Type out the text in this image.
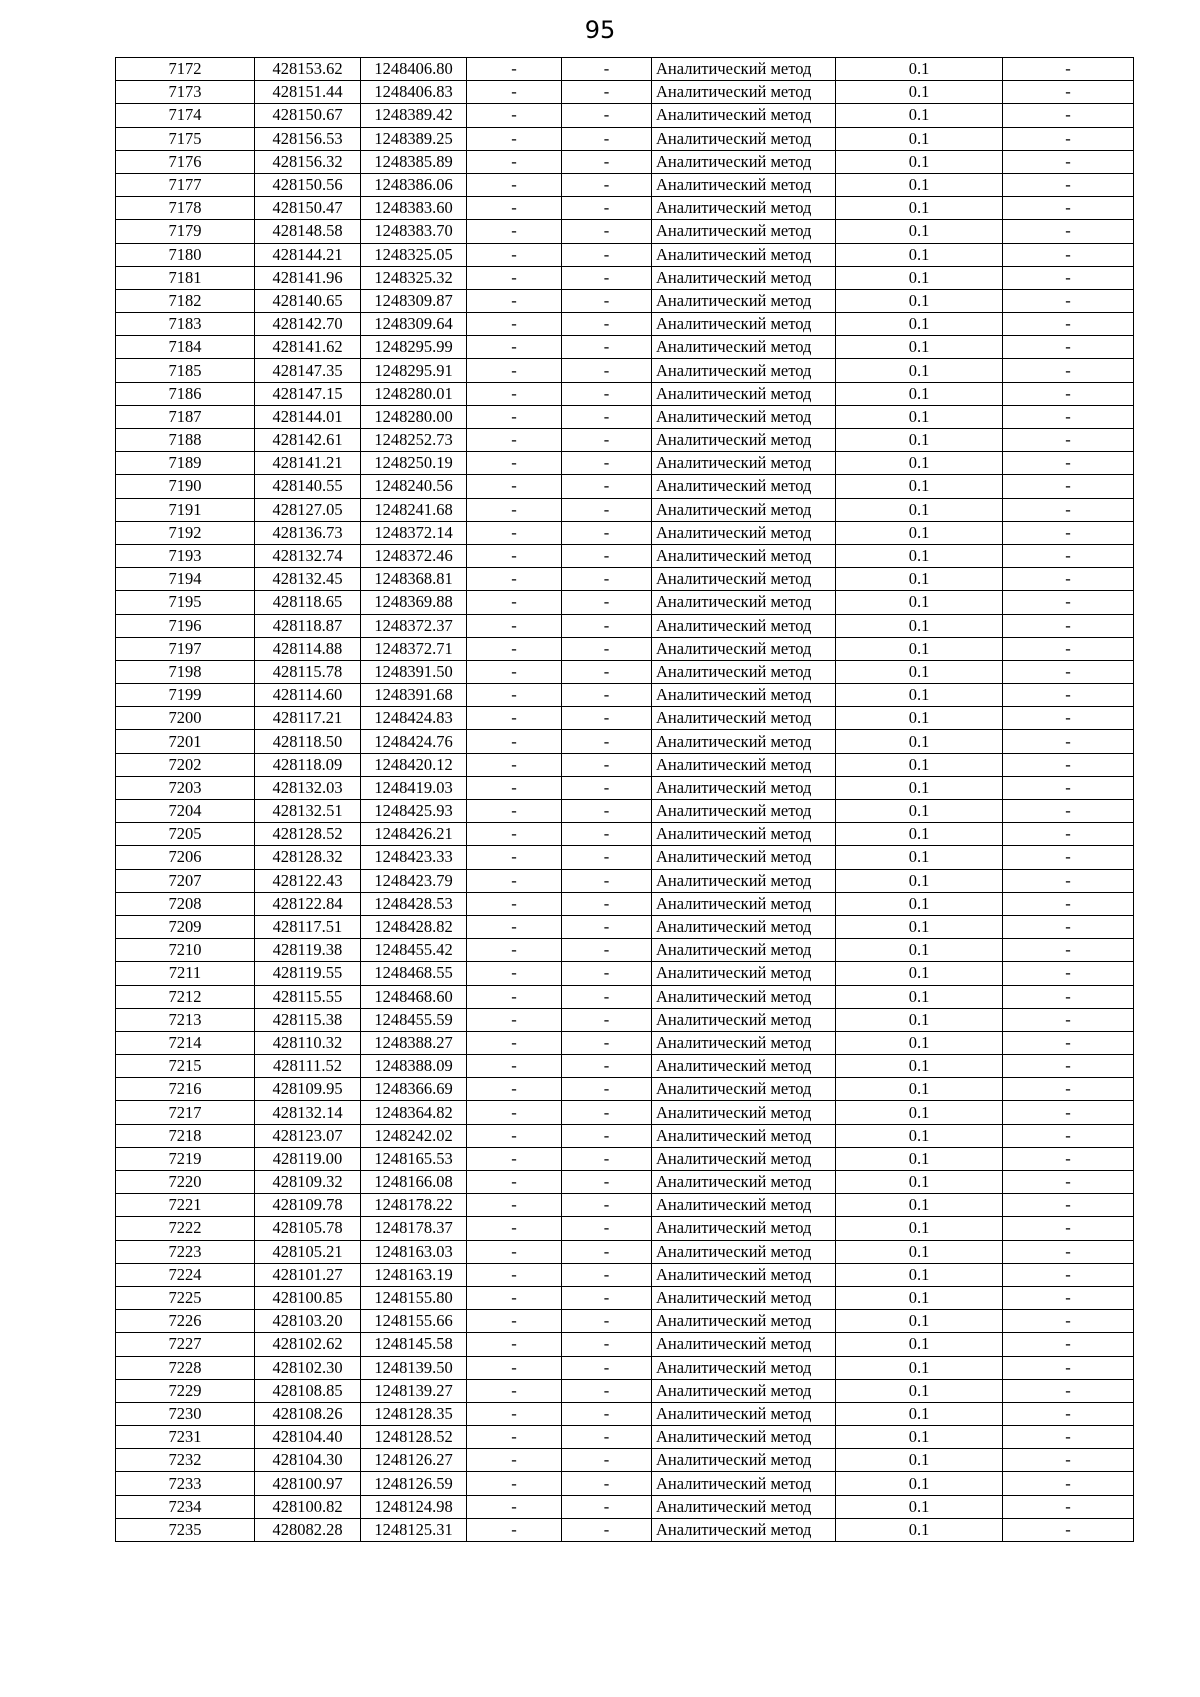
95
7172	428153.62	1248406.80	-	-	Аналитический метод	0.1	-
7173	428151.44	1248406.83	-	-	Аналитический метод	0.1	-
7174	428150.67	1248389.42	-	-	Аналитический метод	0.1	-
7175	428156.53	1248389.25	-	-	Аналитический метод	0.1	-
7176	428156.32	1248385.89	-	-	Аналитический метод	0.1	-
7177	428150.56	1248386.06	-	-	Аналитический метод	0.1	-
7178	428150.47	1248383.60	-	-	Аналитический метод	0.1	-
7179	428148.58	1248383.70	-	-	Аналитический метод	0.1	-
7180	428144.21	1248325.05	-	-	Аналитический метод	0.1	-
7181	428141.96	1248325.32	-	-	Аналитический метод	0.1	-
7182	428140.65	1248309.87	-	-	Аналитический метод	0.1	-
7183	428142.70	1248309.64	-	-	Аналитический метод	0.1	-
7184	428141.62	1248295.99	-	-	Аналитический метод	0.1	-
7185	428147.35	1248295.91	-	-	Аналитический метод	0.1	-
7186	428147.15	1248280.01	-	-	Аналитический метод	0.1	-
7187	428144.01	1248280.00	-	-	Аналитический метод	0.1	-
7188	428142.61	1248252.73	-	-	Аналитический метод	0.1	-
7189	428141.21	1248250.19	-	-	Аналитический метод	0.1	-
7190	428140.55	1248240.56	-	-	Аналитический метод	0.1	-
7191	428127.05	1248241.68	-	-	Аналитический метод	0.1	-
7192	428136.73	1248372.14	-	-	Аналитический метод	0.1	-
7193	428132.74	1248372.46	-	-	Аналитический метод	0.1	-
7194	428132.45	1248368.81	-	-	Аналитический метод	0.1	-
7195	428118.65	1248369.88	-	-	Аналитический метод	0.1	-
7196	428118.87	1248372.37	-	-	Аналитический метод	0.1	-
7197	428114.88	1248372.71	-	-	Аналитический метод	0.1	-
7198	428115.78	1248391.50	-	-	Аналитический метод	0.1	-
7199	428114.60	1248391.68	-	-	Аналитический метод	0.1	-
7200	428117.21	1248424.83	-	-	Аналитический метод	0.1	-
7201	428118.50	1248424.76	-	-	Аналитический метод	0.1	-
7202	428118.09	1248420.12	-	-	Аналитический метод	0.1	-
7203	428132.03	1248419.03	-	-	Аналитический метод	0.1	-
7204	428132.51	1248425.93	-	-	Аналитический метод	0.1	-
7205	428128.52	1248426.21	-	-	Аналитический метод	0.1	-
7206	428128.32	1248423.33	-	-	Аналитический метод	0.1	-
7207	428122.43	1248423.79	-	-	Аналитический метод	0.1	-
7208	428122.84	1248428.53	-	-	Аналитический метод	0.1	-
7209	428117.51	1248428.82	-	-	Аналитический метод	0.1	-
7210	428119.38	1248455.42	-	-	Аналитический метод	0.1	-
7211	428119.55	1248468.55	-	-	Аналитический метод	0.1	-
7212	428115.55	1248468.60	-	-	Аналитический метод	0.1	-
7213	428115.38	1248455.59	-	-	Аналитический метод	0.1	-
7214	428110.32	1248388.27	-	-	Аналитический метод	0.1	-
7215	428111.52	1248388.09	-	-	Аналитический метод	0.1	-
7216	428109.95	1248366.69	-	-	Аналитический метод	0.1	-
7217	428132.14	1248364.82	-	-	Аналитический метод	0.1	-
7218	428123.07	1248242.02	-	-	Аналитический метод	0.1	-
7219	428119.00	1248165.53	-	-	Аналитический метод	0.1	-
7220	428109.32	1248166.08	-	-	Аналитический метод	0.1	-
7221	428109.78	1248178.22	-	-	Аналитический метод	0.1	-
7222	428105.78	1248178.37	-	-	Аналитический метод	0.1	-
7223	428105.21	1248163.03	-	-	Аналитический метод	0.1	-
7224	428101.27	1248163.19	-	-	Аналитический метод	0.1	-
7225	428100.85	1248155.80	-	-	Аналитический метод	0.1	-
7226	428103.20	1248155.66	-	-	Аналитический метод	0.1	-
7227	428102.62	1248145.58	-	-	Аналитический метод	0.1	-
7228	428102.30	1248139.50	-	-	Аналитический метод	0.1	-
7229	428108.85	1248139.27	-	-	Аналитический метод	0.1	-
7230	428108.26	1248128.35	-	-	Аналитический метод	0.1	-
7231	428104.40	1248128.52	-	-	Аналитический метод	0.1	-
7232	428104.30	1248126.27	-	-	Аналитический метод	0.1	-
7233	428100.97	1248126.59	-	-	Аналитический метод	0.1	-
7234	428100.82	1248124.98	-	-	Аналитический метод	0.1	-
7235	428082.28	1248125.31	-	-	Аналитический метод	0.1	-
